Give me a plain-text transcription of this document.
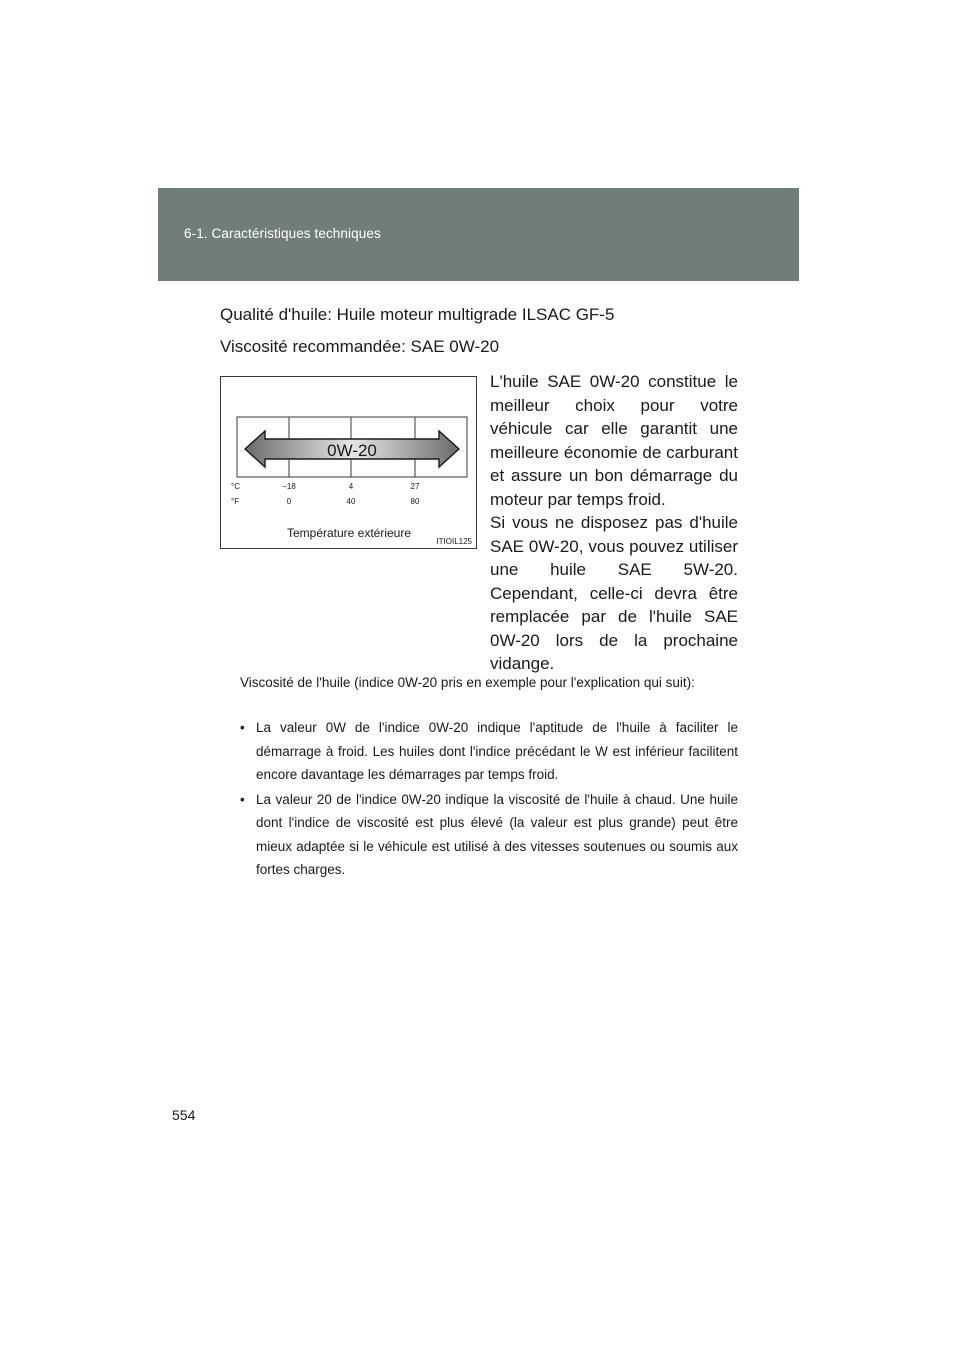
6-1. Caractéristiques techniques
Qualité d'huile: Huile moteur multigrade ILSAC GF-5
Viscosité recommandée: SAE 0W-20
0W-20
°C	−18	4	27
°F	0	40	80
Température extérieure
ITIOIL125

L'huile SAE 0W-20 constitue le meilleur choix pour votre véhicule car elle garantit une meilleure économie de carburant et assure un bon démarrage du moteur par temps froid.

Si vous ne disposez pas d'huile SAE 0W-20, vous pouvez utiliser une huile SAE 5W-20. Cependant, celle-ci devra être remplacée par de l'huile SAE 0W-20 lors de la prochaine vidange.

Viscosité de l'huile (indice 0W-20 pris en exemple pour l'explication qui suit):
• La valeur 0W de l'indice 0W-20 indique l'aptitude de l'huile à faciliter le démarrage à froid. Les huiles dont l'indice précédant le W est inférieur facilitent encore davantage les démarrages par temps froid.
• La valeur 20 de l'indice 0W-20 indique la viscosité de l'huile à chaud. Une huile dont l'indice de viscosité est plus élevé (la valeur est plus grande) peut être mieux adaptée si le véhicule est utilisé à des vitesses soutenues ou soumis aux fortes charges.
554
